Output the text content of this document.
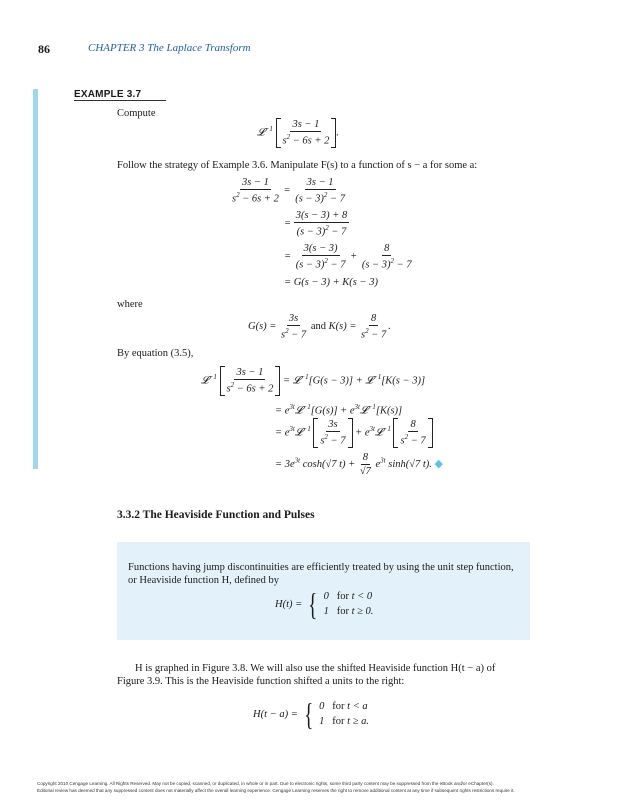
86	CHAPTER 3 The Laplace Transform
EXAMPLE 3.7
Compute
𝓛$^{-1}$ $\frac{3s - 1}{s^2 - 6s + 2}$ .
Follow the strategy of Example 3.6. Manipulate F(s) to a function of s − a for some a:
$\frac{3s - 1}{s^2 - 6s + 2} = \frac{3s - 1}{(s - 3)^2 - 7}$
= $\frac{3(s - 3) + 8}{(s - 3)^2 - 7}$
= $\frac{3(s - 3)}{(s - 3)^2 - 7} + \frac{8}{(s - 3)^2 - 7}$
= G(s − 3) + K(s − 3)
where
$G(s) = \frac{3s}{s^2 - 7}$ and $K(s) = \frac{8}{s^2 - 7}$ .
By equation (3.5),
𝓛$^{-1}$ $\frac{3s - 1}{s^2 - 6s + 2}$ = 𝓛$^{-1}$[G(s − 3)] + 𝓛$^{-1}$[K(s − 3)]
= $e^{3t}𝓛^{-1}[G(s)]$ + $e^{3t}𝓛^{-1}[K(s)]$
= $e^{3t}𝓛^{-1} \frac{3s}{s^2 - 7}$ + $e^{3t}𝓛^{-1} \frac{8}{s^2 - 7}$
= $3e^{3t}$ cosh(√7 $t) + \frac{8}{√7} e^{3t}$ sinh(√7 t). ◆
3.3.2 The Heaviside Function and Pulses
Functions having jump discontinuities are efficiently treated by using the unit step function,
or Heaviside function H, defined by
H(t) = { 0   for t < 0
1   for t ≥ 0.
H is graphed in Figure 3.8. We will also use the shifted Heaviside function H(t − a) of
Figure 3.9. This is the Heaviside function shifted a units to the right:
H(t − a) = { 0   for t < a
1   for t ≥ a.
Copyright 2010 Cengage Learning. All Rights Reserved. May not be copied, scanned, or duplicated, in whole or in part. Due to electronic rights, some third party content may be suppressed from the eBook and/or eChapter(s).
Editorial review has deemed that any suppressed content does not materially affect the overall learning experience. Cengage Learning reserves the right to remove additional content at any time if subsequent rights restrictions require it.
